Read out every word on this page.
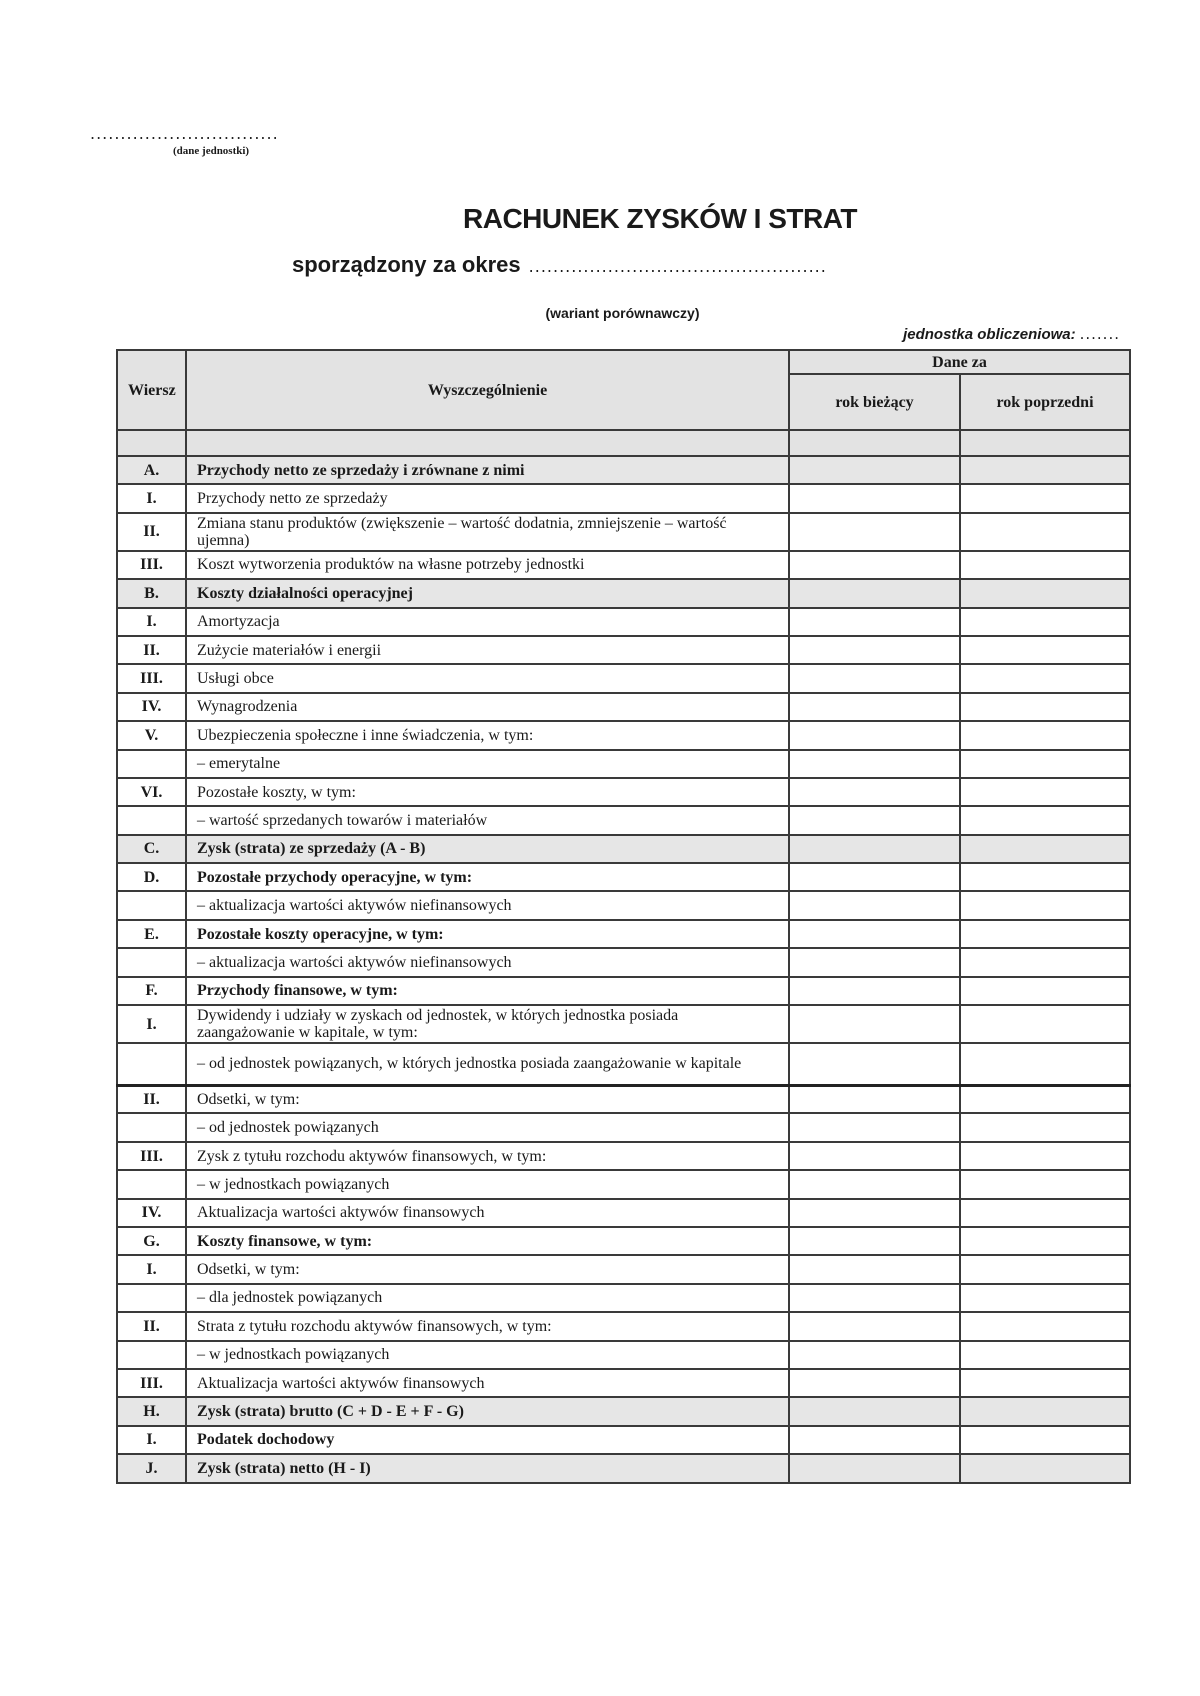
...............................
(dane jednostki)
RACHUNEK ZYSKÓW I STRAT
sporządzony za okres .................................................
(wariant porównawczy)
jednostka obliczeniowa: .......
Wiersz	Wyszczególnienie	Dane za	
		rok bieżący	rok poprzedni

A.	Przychody netto ze sprzedaży i zrównane z nimi		
I.	Przychody netto ze sprzedaży		
II.	Zmiana stanu produktów (zwiększenie – wartość dodatnia, zmniejszenie – wartość ujemna)		
III.	Koszt wytworzenia produktów na własne potrzeby jednostki		
B.	Koszty działalności operacyjnej		
I.	Amortyzacja		
II.	Zużycie materiałów i energii		
III.	Usługi obce		
IV.	Wynagrodzenia		
V.	Ubezpieczenia społeczne i inne świadczenia, w tym:		
	– emerytalne		
VI.	Pozostałe koszty, w tym:		
	– wartość sprzedanych towarów i materiałów		
C.	Zysk (strata) ze sprzedaży (A - B)		
D.	Pozostałe przychody operacyjne, w tym:		
	– aktualizacja wartości aktywów niefinansowych		
E.	Pozostałe koszty operacyjne, w tym:		
	– aktualizacja wartości aktywów niefinansowych		
F.	Przychody finansowe, w tym:		
I.	Dywidendy i udziały w zyskach od jednostek, w których jednostka posiada zaangażowanie w kapitale, w tym:		
	– od jednostek powiązanych, w których jednostka posiada zaangażowanie w kapitale		
II.	Odsetki, w tym:		
	– od jednostek powiązanych		
III.	Zysk z tytułu rozchodu aktywów finansowych, w tym:		
	– w jednostkach powiązanych		
IV.	Aktualizacja wartości aktywów finansowych		
G.	Koszty finansowe, w tym:		
I.	Odsetki, w tym:		
	– dla jednostek powiązanych		
II.	Strata z tytułu rozchodu aktywów finansowych, w tym:		
	– w jednostkach powiązanych		
III.	Aktualizacja wartości aktywów finansowych		
H.	Zysk (strata) brutto (C + D - E + F - G)		
I.	Podatek dochodowy		
J.	Zysk (strata) netto (H - I)		
